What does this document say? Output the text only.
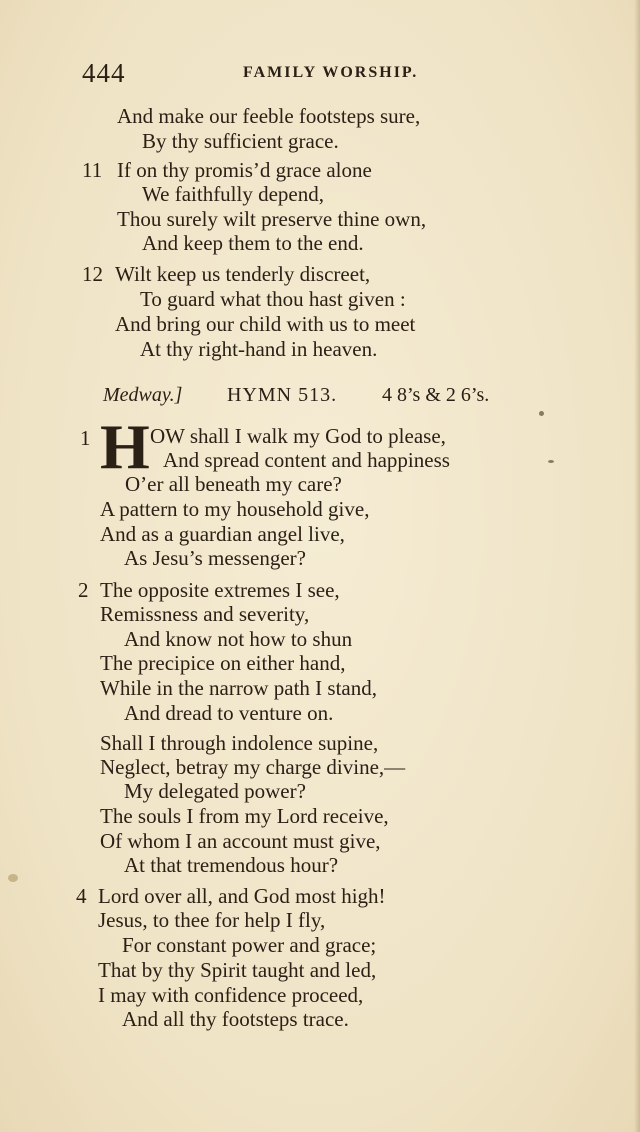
444	FAMILY WORSHIP.
And make our feeble footsteps sure,
By thy sufficient grace.
11 If on thy promis’d grace alone
We faithfully depend,
Thou surely wilt preserve thine own,
And keep them to the end.
12 Wilt keep us tenderly discreet,
To guard what thou hast given :
And bring our child with us to meet
At thy right-hand in heaven.
Medway.] HYMN 513. 4 8’s & 2 6’s.
H
1	OW shall I walk my God to please,
And spread content and happiness
O’er all beneath my care?
A pattern to my household give,
And as a guardian angel live,
As Jesu’s messenger?
2 The opposite extremes I see,
Remissness and severity,
And know not how to shun
The precipice on either hand,
While in the narrow path I stand,
And dread to venture on.
Shall I through indolence supine,
Neglect, betray my charge divine,—
My delegated power?
The souls I from my Lord receive,
Of whom I an account must give,
At that tremendous hour?
4 Lord over all, and God most high!
Jesus, to thee for help I fly,
For constant power and grace;
That by thy Spirit taught and led,
I may with confidence proceed,
And all thy footsteps trace.
